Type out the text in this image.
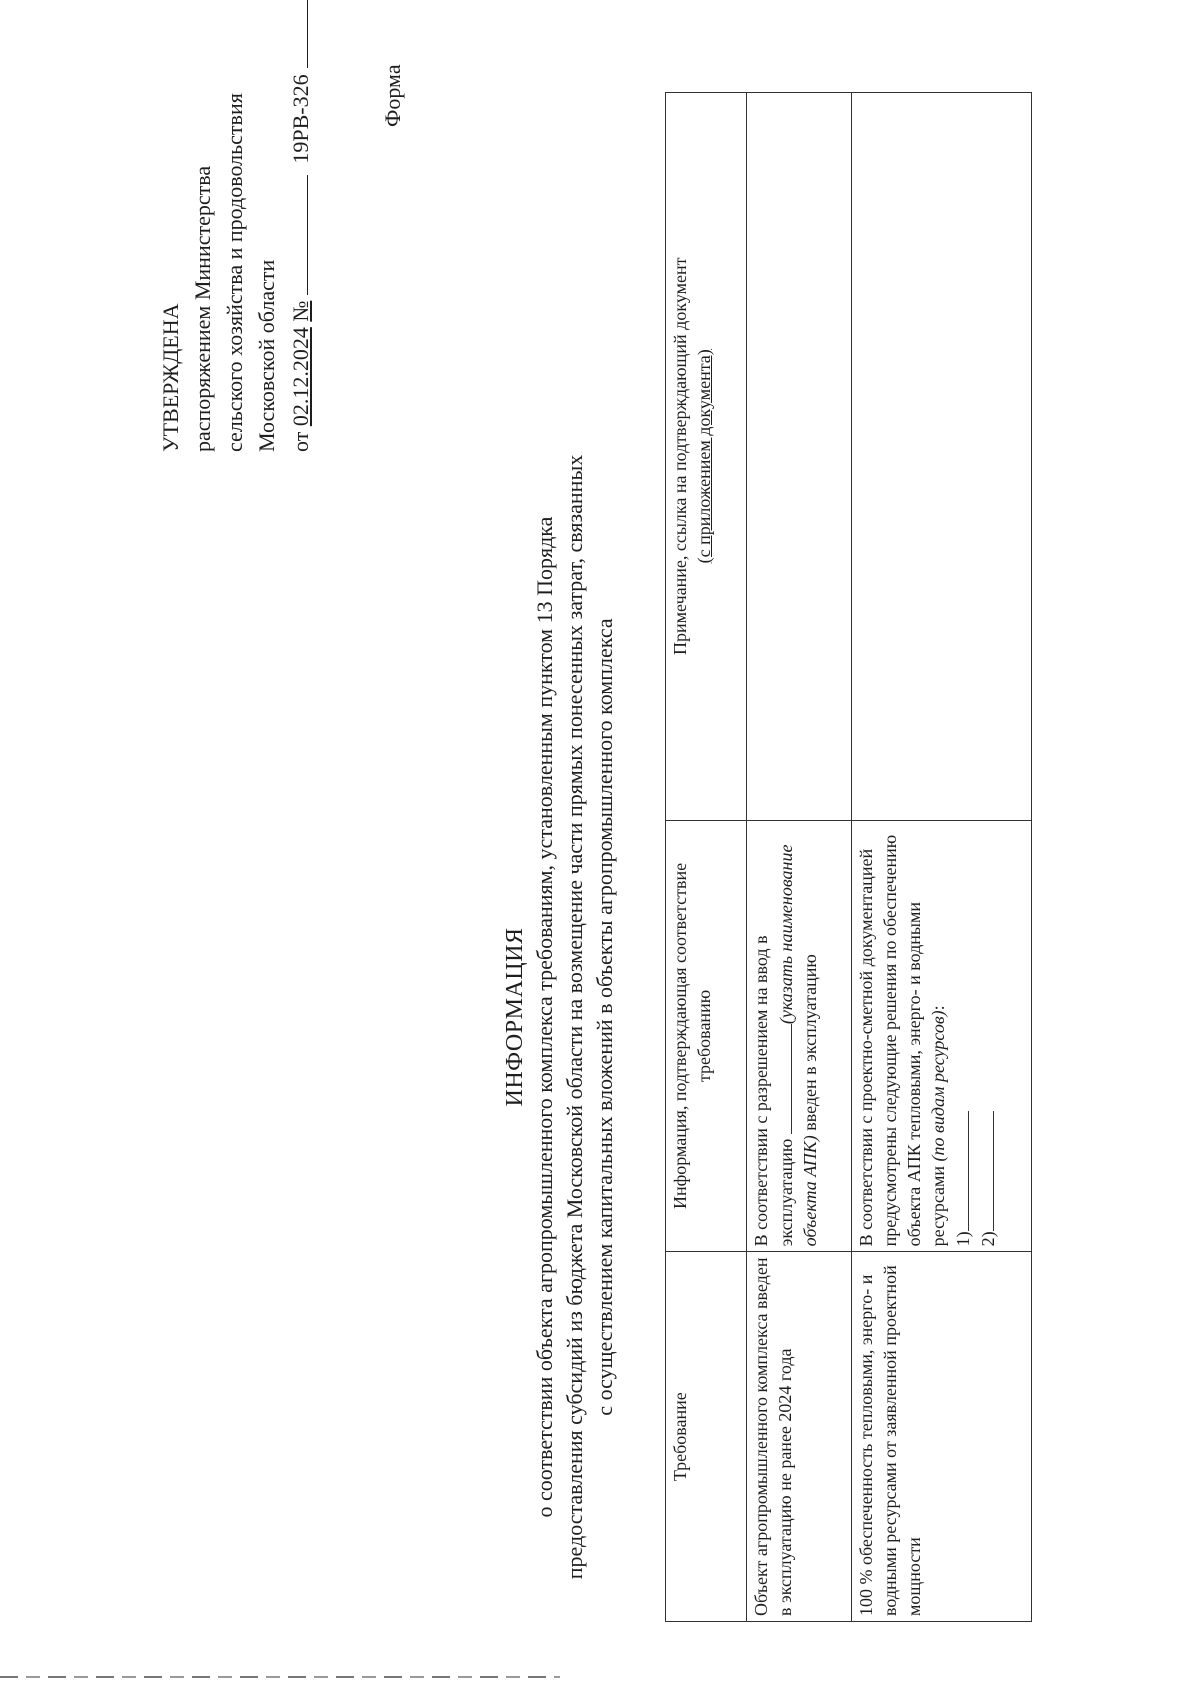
УТВЕРЖДЕНА распоряжением Министерства сельского хозяйства и продовольствия Московской области от 02.12.2024 №  19РВ-326	Форма
ИНФОРМАЦИЯ о соответствии объекта агропромышленного комплекса требованиям, установленным пунктом 13 Порядка предоставления субсидий из бюджета Московской области на возмещение части прямых понесенных затрат, связанных с осуществлением капитальных вложений в объекты агропромышленного комплекса
Требование	Информация, подтверждающая соответствие требованию	Примечание, ссылка на подтверждающий документ (с приложением документа)

Объект агропромышленного комплекса введен в эксплуатацию не ранее 2024 года	В соответствии с разрешением на ввод в эксплуатацию (указать наименование объекта АПК) введен в эксплуатацию	
100 % обеспеченность тепловыми, энерго- и водными ресурсами от заявленной проектной мощности	В соответствии с проектно-сметной документацией предусмотрены следующие решения по обеспечению объекта АПК тепловыми, энерго- и водными ресурсами (по видам ресурсов):
1) 2)	
